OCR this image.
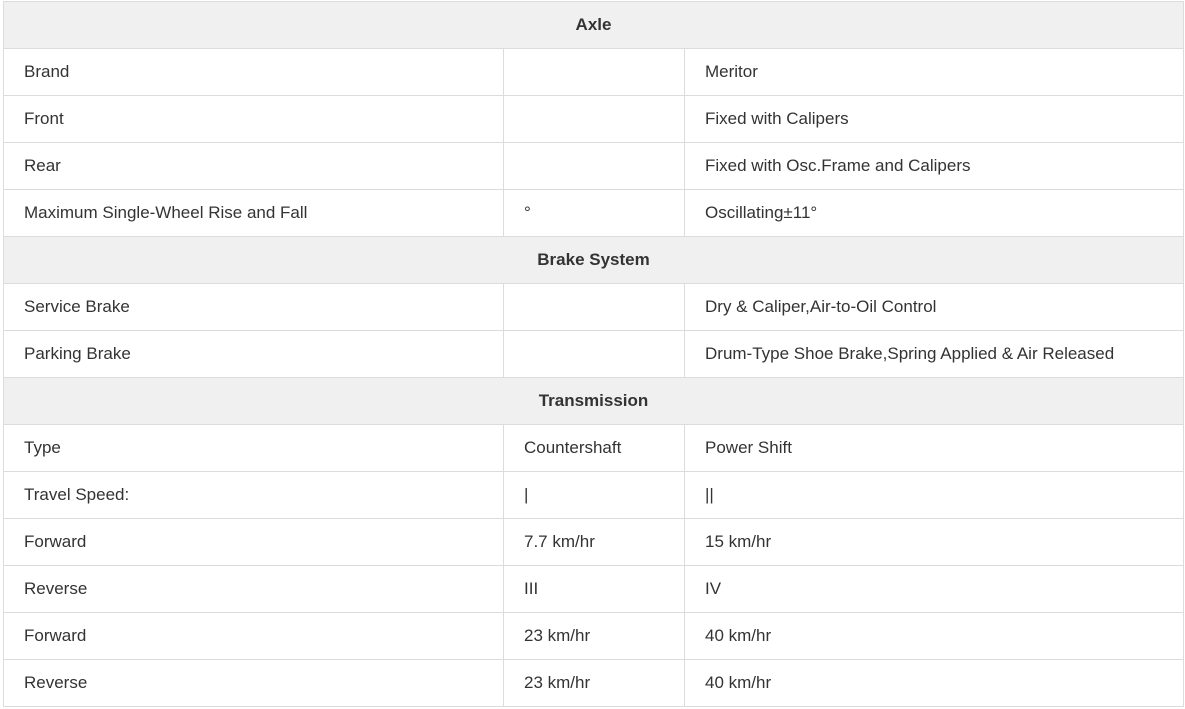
Axle		
Brand		Meritor
Front		Fixed with Calipers
Rear		Fixed with Osc.Frame and Calipers
Maximum Single-Wheel Rise and Fall	°	Oscillating±11°
Brake System		
Service Brake		Dry & Caliper,Air-to-Oil Control
Parking Brake		Drum-Type Shoe Brake,Spring Applied & Air Released
Transmission		
Type	Countershaft	Power Shift
Travel Speed:	|	||
Forward	7.7 km/hr	15 km/hr
Reverse	III	IV
Forward	23 km/hr	40 km/hr
Reverse	23 km/hr	40 km/hr
